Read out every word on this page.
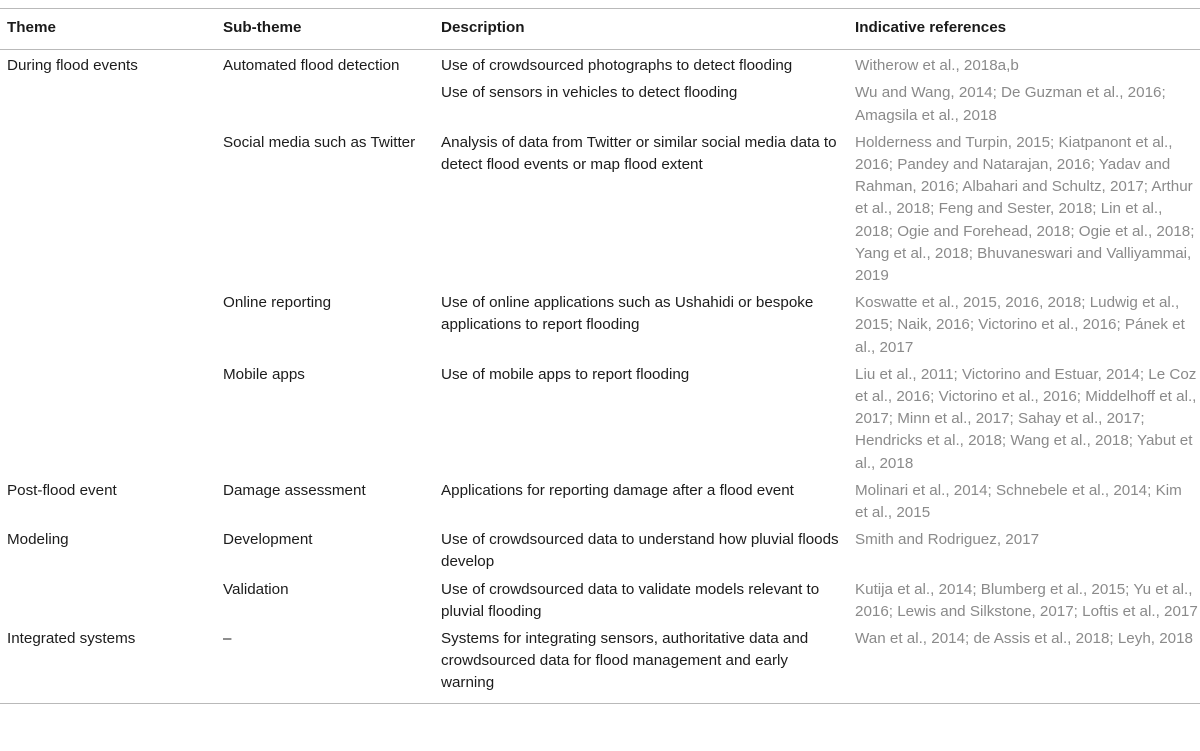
Theme	Sub-theme	Description	Indicative references
During flood events	Automated flood detection	Use of crowdsourced photographs to detect flooding	Witherow et al., 2018a,b
		Use of sensors in vehicles to detect flooding	Wu and Wang, 2014; De Guzman et al., 2016; Amagsila et al., 2018
	Social media such as Twitter	Analysis of data from Twitter or similar social media data to detect flood events or map flood extent	Holderness and Turpin, 2015; Kiatpanont et al., 2016; Pandey and Natarajan, 2016; Yadav and Rahman, 2016; Albahari and Schultz, 2017; Arthur et al., 2018; Feng and Sester, 2018; Lin et al., 2018; Ogie and Forehead, 2018; Ogie et al., 2018; Yang et al., 2018; Bhuvaneswari and Valliyammai, 2019
	Online reporting	Use of online applications such as Ushahidi or bespoke applications to report flooding	Koswatte et al., 2015, 2016, 2018; Ludwig et al., 2015; Naik, 2016; Victorino et al., 2016; Pánek et al., 2017
	Mobile apps	Use of mobile apps to report flooding	Liu et al., 2011; Victorino and Estuar, 2014; Le Coz et al., 2016; Victorino et al., 2016; Middelhoff et al., 2017; Minn et al., 2017; Sahay et al., 2017; Hendricks et al., 2018; Wang et al., 2018; Yabut et al., 2018
Post-flood event	Damage assessment	Applications for reporting damage after a flood event	Molinari et al., 2014; Schnebele et al., 2014; Kim et al., 2015
Modeling	Development	Use of crowdsourced data to understand how pluvial floods develop	Smith and Rodriguez, 2017
	Validation	Use of crowdsourced data to validate models relevant to pluvial flooding	Kutija et al., 2014; Blumberg et al., 2015; Yu et al., 2016; Lewis and Silkstone, 2017; Loftis et al., 2017
Integrated systems	–	Systems for integrating sensors, authoritative data and crowdsourced data for flood management and early warning	Wan et al., 2014; de Assis et al., 2018; Leyh, 2018
